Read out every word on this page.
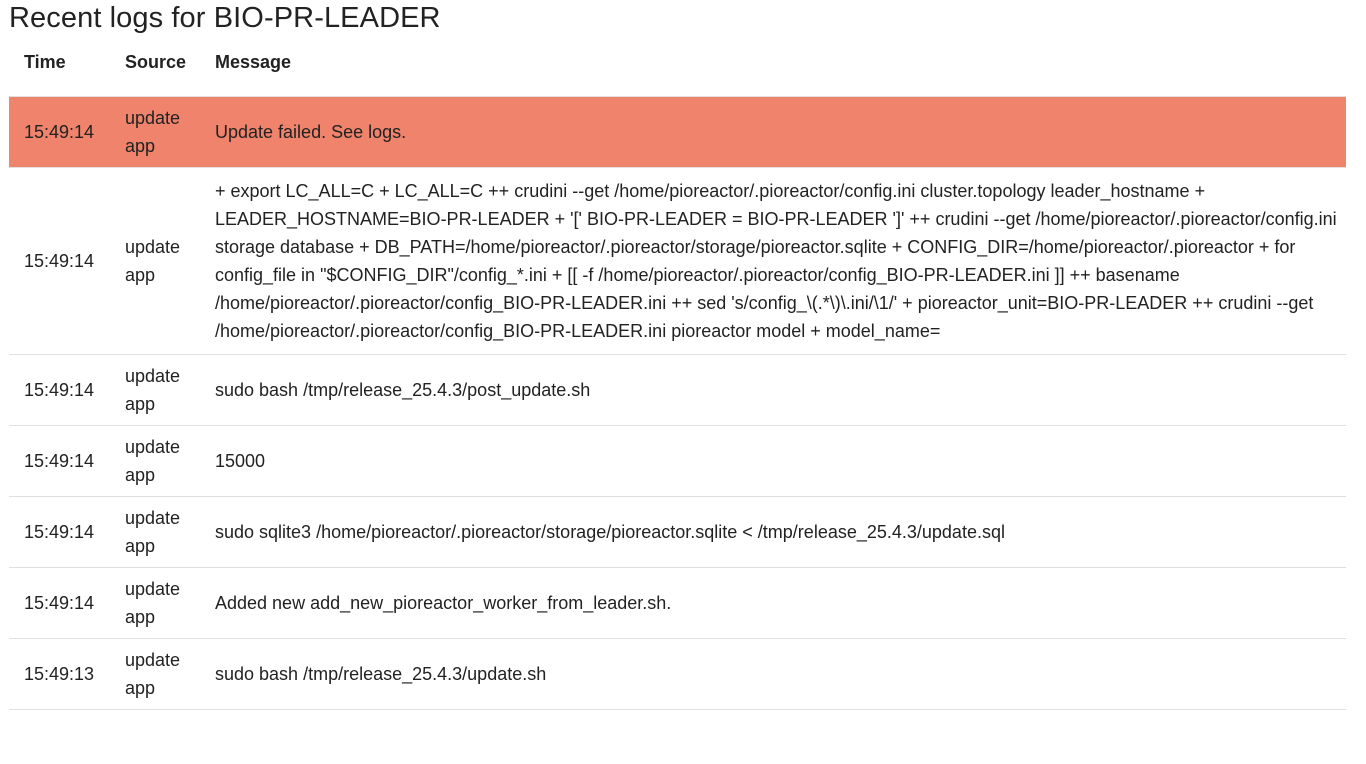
Recent logs for BIO-PR-LEADER
Time	Source	Message
15:49:14	update app	Update failed. See logs.
15:49:14	update app	+ export LC_ALL=C + LC_ALL=C ++ crudini --get /home/pioreactor/.pioreactor/config.ini cluster.topology leader_hostname + LEADER_HOSTNAME=BIO-PR-LEADER + '[' BIO-PR-LEADER = BIO-PR-LEADER ']' ++ crudini --get /home/pioreactor/.pioreactor/config.ini storage database + DB_PATH=/home/pioreactor/.pioreactor/storage/pioreactor.sqlite + CONFIG_DIR=/home/pioreactor/.pioreactor + for config_file in "$CONFIG_DIR"/config_*.ini + [[ -f /home/pioreactor/.pioreactor/config_BIO-PR-LEADER.ini ]] ++ basename /home/pioreactor/.pioreactor/config_BIO-PR-LEADER.ini ++ sed 's/config_\(.*\)\.ini/\1/' + pioreactor_unit=BIO-PR-LEADER ++ crudini --get /home/pioreactor/.pioreactor/config_BIO-PR-LEADER.ini pioreactor model + model_name=
15:49:14	update app	sudo bash /tmp/release_25.4.3/post_update.sh
15:49:14	update app	15000
15:49:14	update app	sudo sqlite3 /home/pioreactor/.pioreactor/storage/pioreactor.sqlite < /tmp/release_25.4.3/update.sql
15:49:14	update app	Added new add_new_pioreactor_worker_from_leader.sh.
15:49:13	update app	sudo bash /tmp/release_25.4.3/update.sh
